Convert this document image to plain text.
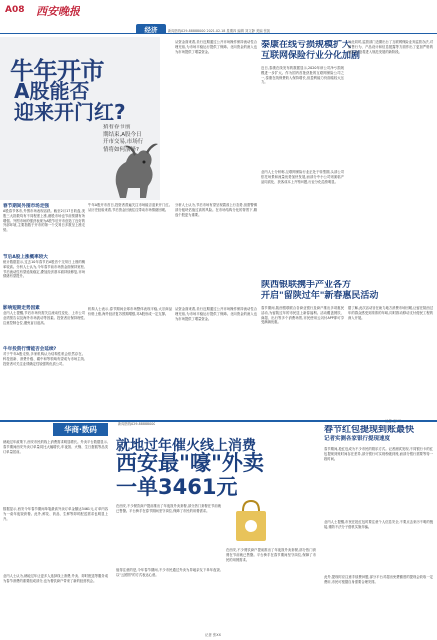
A08 西安晚报
经济	新闻热线029-88888000 2021.02.18 星期四 编辑 刘文静 美编 张凯
牛年开市
A股能否
迎来开门红?
猜看春节前
期结束,A股今日
开市交易,市场行
情将如何演绎?
春节期间外围市场走强
A股春节休市,外围市场表现活跃。截至2月17日收盘,美股三大指数均有不同程度上涨,港股市场也节前预期有所增强。外围市场的强劲表现为A股节后开市创造了良好的外部环境,主要指数于开市的第一个交易日多数呈上涨走势。
节后A股上涨概率较大
统计数据显示,过去10年春节后A股首个交易日上涨的概率较高。分析人士认为,今年春节前市场资金面保持宽松,节后流动性有望延续稳定,叠加经济基本面持续修复,市场情绪有望提升。
影响短期走势因素
业内人士提醒,节后市场仍需关注流动性变化、上市公司业绩预告以及海外市场波动等因素。投资者应保持理性,注意控制仓位,避免盲目追高。
牛年投资行情能否会延续?
对于牛年A股走势,多家机构认为结构性机会依然存在。科技创新、消费升级、碳中和等领域有望成为市场主线,投资者可关注业绩确定性较强的优质公司。
牛年A股开市首日,投资者普遍关注市场能否迎来开门红。从历史经验来看,节后资金回流往往带动市场情绪回暖。
机构人士表示,春节期间全球市场整体表现平稳,大宗商品价格上涨,海外经济复苏预期增强,对A股形成一定支撑。
分析人士认为,节后市场有望呈现震荡上行态势,但需警惕部分板块估值过高的风险。在市场结构分化的背景下,精选个股更为重要。
从资金面来看,央行近期通过公开市场操作保持流动性合理充裕,为市场平稳运行提供了保障。北向资金的流入也为市场提供了增量资金。
从资金面来看,央行近期通过公开市场操作保持流动性合理充裕,为市场平稳运行提供了保障。北向资金的流入也为市场提供了增量资金。
泰康在线亏损规模扩大
互联网保险行业分化加剧
近日,泰康在线发布的数据显示,2020年该公司净亏损规模进一步扩大。作为国内首批获批的互联网保险公司之一,泰康在线保费收入保持增长,但盈利能力仍面临较大压力。
业内人士分析称,互联网保险行业正处于转型期,头部公司依托场景和流量优势加快发展,而部分中小公司则面临产品同质化、获客成本上升等问题,行业分化趋势明显。
与此同时,监管部门近期出台了互联网保险业务监管办法,对销售行为、产品设计和信息披露等方面作出了更加严格的规定,行业将进入规范发展的新阶段。
陕西银联携手产业各方
开启"留陕过年"新春惠民活动
春节期间,陕西银联联合各商业银行及商户推出多项惠民活动,为留陕过年的市民送上新春福利。活动覆盖餐饮、商超、出行等多个消费场景,市民使用云闪付APP即可享受满减优惠。
据了解,此次活动旨在助力地方消费市场回暖,让留在陕西过年的群众感受到浓浓的年味,同时推动移动支付便民工程的深入开展。
华商·数码
新闻热线029-88888000
就地过年催火线上消费
西安最"嚎"外卖
一单3461元
就地过年政策下,西安市民的线上消费需求明显增长。外卖平台数据显示,春节期间西安外卖订单量同比大幅增长,年夜饭、火锅、生日蛋糕等品类订单量居前。
数据显示,西安今年春节期间单笔最高外卖订单金额达3461元,订单内容为一桌年夜饭套餐。此外,鲜花、药品、生鲜等即时配送需求也明显上升。
业内人士认为,就地过年让更多人选择线上消费,外卖、即时配送等服务成为春节消费的重要组成部分,也为餐饮商户带来了新的经营机会。
在西安,不少餐饮商户提前推出了年夜饭外卖套餐,部分热门套餐在节前就已售罄。平台骑手在春节期间坚守岗位,保障了市民的用餐需求。
值得注意的是,今年春节期间,不少市民通过外卖为异地亲友下单年夜饭,以"云团圆"的方式表达心意。
在西安,不少餐饮商户提前推出了年夜饭外卖套餐,部分热门套餐在节前就已售罄。平台骑手在春节期间坚守岗位,保障了市民的用餐需求。
春节红包提现到账最快
记者实测各家银行提现速度
春节期间,抢红包成为不少市民的娱乐方式。记者测试发现,不同银行卡的红包提现到账时间存在差异,部分银行可实现秒级到账,而部分银行需要等待一段时间。
业内人士提醒,市民在抢红包时要注意个人信息安全,不要点击来历不明的链接,谨防不法分子借机实施诈骗。
此外,提现时应注意手续费问题,部分平台对超出免费额度的提现会收取一定费用,市民可根据自身需要合理安排。
记者 张XX
